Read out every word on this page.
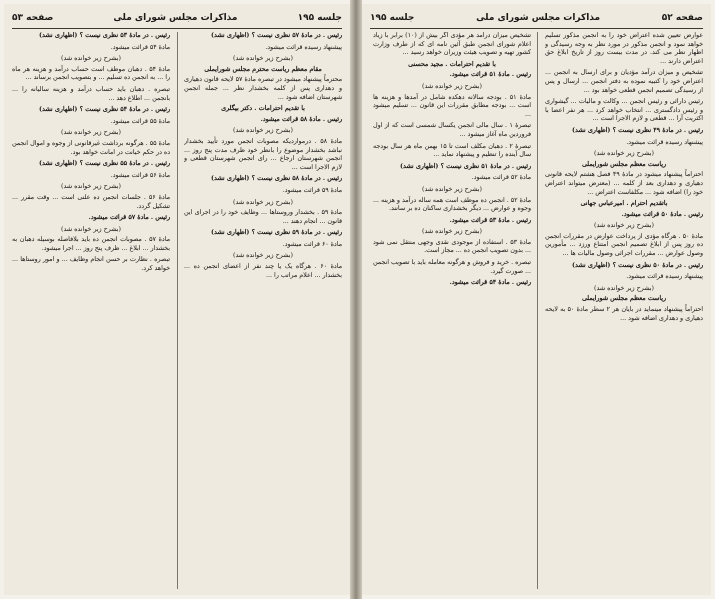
جلسه ۱۹۵
مذاکرات مجلس شورای ملی
صفحه ۵۳

رئیس . در مادهٔ ۵۷ نظری نیست ؟ (اظهاری نشد)

پیشنهاد رسیده قرائت میشود.

(بشرح زیر خوانده شد)

مقام معظم ریاست محترم مجلس شورایملی

محترماً پیشنهاد میشود در تبصره مادهٔ ۵۷ لایحه قانون دهیاری و دهداری پس از کلمه بخشدار نظر ... جمله انجمن شهرستان اضافه شود ...

با تقدیم احترامات . دکتر بیگلری

رئیس . مادهٔ ۵۸ قرائت میشود.

(بشرح زیر خوانده شد)

مادهٔ ۵۸ . درمواردیکه مصوبات انجمن مورد تأیید بخشدار نباشد بخشدار موضوع را بانظر خود ظرف مدت پنج روز ... انجمن شهرستان ارجاع ... رای انجمن شهرستان قطعی و لازم الاجرا است ...

رئیس . در مادهٔ ۵۸ نظری نیست ؟ (اظهاری نشد)

مادهٔ ۵۹ قرائت میشود.

(بشرح زیر خوانده شد)

مادهٔ ۵۹ . بخشدار وروستاها ... وظایف خود را در اجرای این قانون ... انجام دهند ...

رئیس . در مادهٔ ۵۹ نظری نیست ؟ (اظهاری نشد)

مادهٔ ۶۰ قرائت میشود.

(بشرح زیر خوانده شد)

مادهٔ ۶۰ . هرگاه یک یا چند نفر از اعضای انجمن ده ... بخشدار ... اعلام مراتب را ...

رئیس . در مادهٔ ۵۳ نظری نیست ؟ (اظهاری نشد)

مادهٔ ۵۴ قرائت میشود.

(بشرح زیر خوانده شد)

مادهٔ ۵۴ . دهبان موظف است حساب درآمد و هزینه هر ماه را ... به انجمن ده تسلیم ... و بتصویب انجمن برساند ...

تبصره . دهبان باید حساب درآمد و هزینه ساليانه را ... بانجمن ... اطلاع دهد ...

رئیس . در مادهٔ ۵۴ نظری نیست ؟ (اظهاری نشد)

مادهٔ ۵۵ قرائت میشود.

(بشرح زیر خوانده شد)

مادهٔ ۵۵ . هرگونه برداشت غیرقانونی از وجوه و اموال انجمن ده در حکم خیانت در امانت خواهد بود.

رئیس . در مادهٔ ۵۵ نظری نیست ؟ (اظهاری نشد)

مادهٔ ۵۶ قرائت میشود.

(بشرح زیر خوانده شد)

مادهٔ ۵۶ . جلسات انجمن ده علنی است ... وقت مقرر ... تشکیل گردد.

رئیس . مادهٔ ۵۷ قرائت میشود.

(بشرح زیر خوانده شد)

مادهٔ ۵۷ . مصوبات انجمن ده باید بلافاصله بوسیله دهبان به بخشدار ... ابلاغ ... ظرف پنج روز ... اجرا میشود.

تبصره . نظارت بر حسن انجام وظایف ... و امور روستاها ... خواهد کرد.

صفحه ۵۲
مذاکرات مجلس شورای ملی
جلسه ۱۹۵

عوارض تعیین شده اعتراض خود را به انجمن مذکور تسلیم خواهد نمود و انجمن مذکور در مورد نظر به وجه رسیدگی و اظهار نظر می کند. در مدت بیست روز از تاریخ ابلاغ حق اعتراض دارند ...

تشخیص و میزان درآمد مؤدیان و برای ارسال به انجمن ... اعتراض خود را کتبیه نموده به دفتر انجمن ... ارسال و پس از رسیدگی تصمیم انجمن قطعی خواهد بود ...

رئیس دارائی و رئیس انجمن ... وکالت و مالیات ... گیشواری و رئیس دادگستری ... انتخاب خواهد کرد ... هر نفر اعضا با اکثریت آرا ... قطعی و لازم الاجرا است ...

رئیس . در مادهٔ ۴۹ نظری نیست ؟ (اظهاری نشد)

پیشنهاد رسیده قرائت میشود.

(بشرح زیر خوانده شد)

ریاست معظم مجلس شورایملی

احتراماً پیشنهاد میشود در مادهٔ ۴۹ فصل هشتم لایحه قانونی دهیاری و دهداری بعد از کلمه ... (معترض میتواند اعتراض خود را) اضافه شود ... مکلفاست اعتراض ...

باتقدیم احترام . امیرعباس جهانی

رئیس . مادهٔ ۵۰ قرائت میشود.

(بشرح زیر خوانده شد)

مادهٔ ۵۰ . هرگاه مؤدی از پرداخت عوارض در مقررات انجمن ده روز پس از ابلاغ تصمیم انجمن امتناع ورزد ... مأمورین وصول عوارض ... مقررات اجرائی وصول مالیات ها ...

رئیس . در مادهٔ ۵۰ نظری نیست ؟ (اظهاری نشد)

پیشنهاد رسیده قرائت میشود.

(بشرح زیر خوانده شد)

ریاست معظم مجلس شورایملی

احتراماً پیشنهاد مینماید در بایان هر ۲ سطر مادهٔ ۵۰ به لایحه دهیاری و دهداری اضافه شود ...

تشخیص میزان درآمد هر مؤدی اگر بیش از (۱۰) برابر با زیاد اعلام شورای انجمن طبق آئین نامه ای که از طرف وزارت کشور تهیه و تصویب هیئت وزیران خواهد رسید ...

با تقدیم احترامات . مجید محسنی

رئیس . مادهٔ ۵۱ قرائت میشود.

(بشرح زیر خوانده شد)

مادهٔ ۵۱ . بودجه سالانه دهکده شامل در آمدها و هزینه ها است ... بودجه مطابق مقررات این قانون ... تسلیم میشود ...

تبصرهٔ ۱ . سال مالی انجمن یکسال شمسی است که از اول فروردین ماه آغاز میشود ...

تبصرهٔ ۲ . دهبان مکلف است تا ۱۵ بهمن ماه هر سال بودجه سال آینده را تنظیم و پیشنهاد نماید ...

رئیس . در مادهٔ ۵۱ نظری نیست ؟ (اظهاری نشد)

مادهٔ ۵۲ قرائت میشود.

(بشرح زیر خوانده شد)

مادهٔ ۵۲ . انجمن ده موظف است همه ساله درآمد و هزینه ... وجوه و عوارض ... دیگر بخشداری ساکنان ده بر سانند.

رئیس . مادهٔ ۵۳ قرائت میشود.

(بشرح زیر خوانده شد)

مادهٔ ۵۳ . استفاده از موجودی نقدی وجهی منتقل نمی شود ... بدون تصویب انجمن ده ... مجاز است.

تبصره . خرید و فروش و هرگونه معامله باید با تصویب انجمن ... صورت گیرد.

رئیس . مادهٔ ۵۴ قرائت میشود.
